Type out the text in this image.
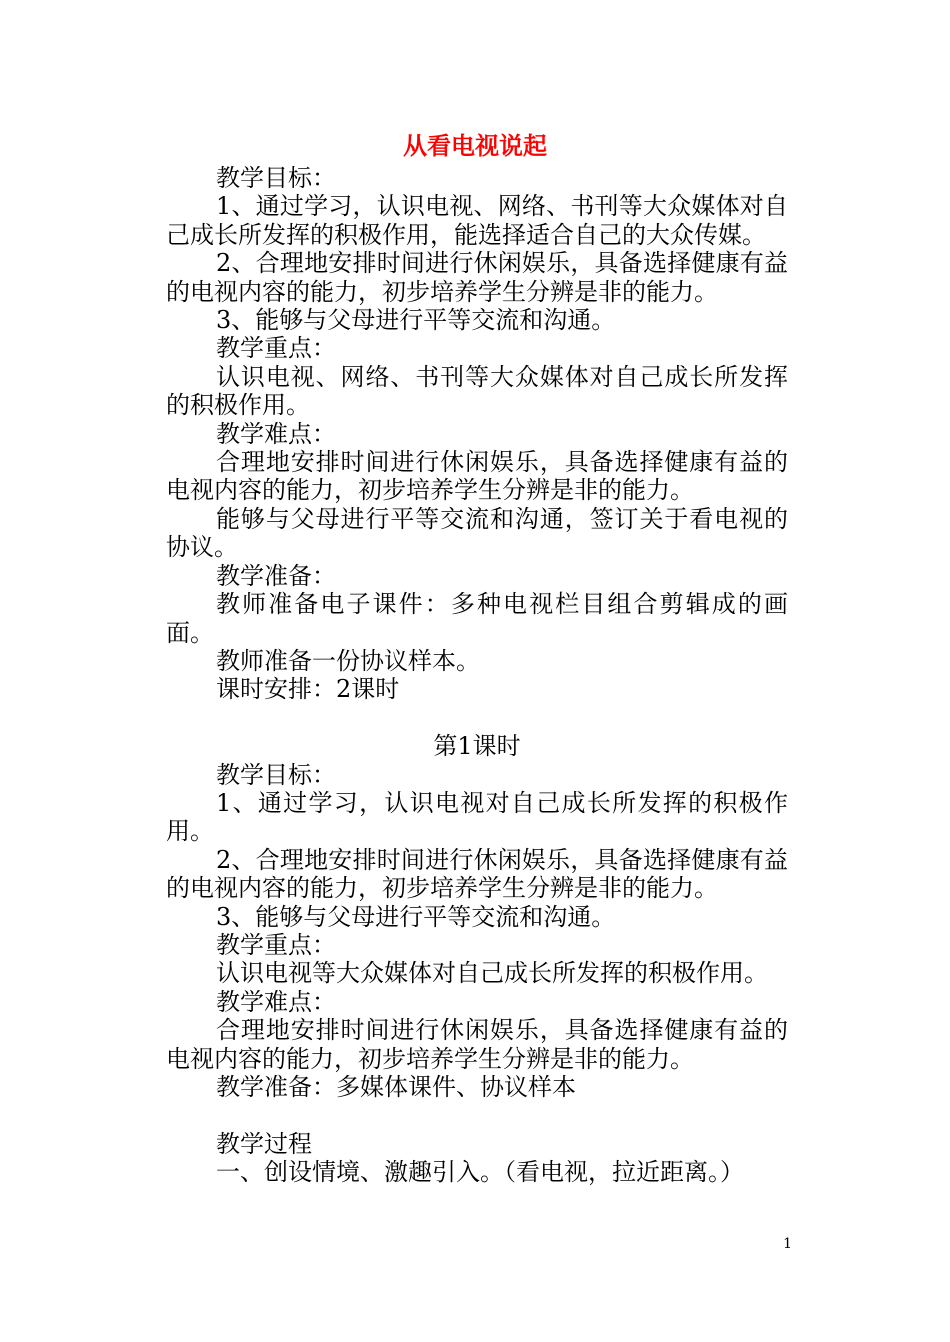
从看电视说起

教学目标：

1、通过学习，认识电视、网络、书刊等大众媒体对自己成长所发挥的积极作用，能选择适合自己的大众传媒。

2、合理地安排时间进行休闲娱乐，具备选择健康有益的电视内容的能力，初步培养学生分辨是非的能力。

3、能够与父母进行平等交流和沟通。

教学重点：

认识电视、网络、书刊等大众媒体对自己成长所发挥的积极作用。

教学难点：

合理地安排时间进行休闲娱乐，具备选择健康有益的电视内容的能力，初步培养学生分辨是非的能力。

能够与父母进行平等交流和沟通，签订关于看电视的协议。

教学准备：

教师准备电子课件：多种电视栏目组合剪辑成的画面。

教师准备一份协议样本。

课时安排：2课时

第1课时

教学目标：

1、通过学习，认识电视对自己成长所发挥的积极作用。

2、合理地安排时间进行休闲娱乐，具备选择健康有益的电视内容的能力，初步培养学生分辨是非的能力。

3、能够与父母进行平等交流和沟通。

教学重点：

认识电视等大众媒体对自己成长所发挥的积极作用。

教学难点：

合理地安排时间进行休闲娱乐，具备选择健康有益的电视内容的能力，初步培养学生分辨是非的能力。

教学准备：多媒体课件、协议样本

教学过程

一、创设情境、激趣引入。（看电视，拉近距离。）

1
